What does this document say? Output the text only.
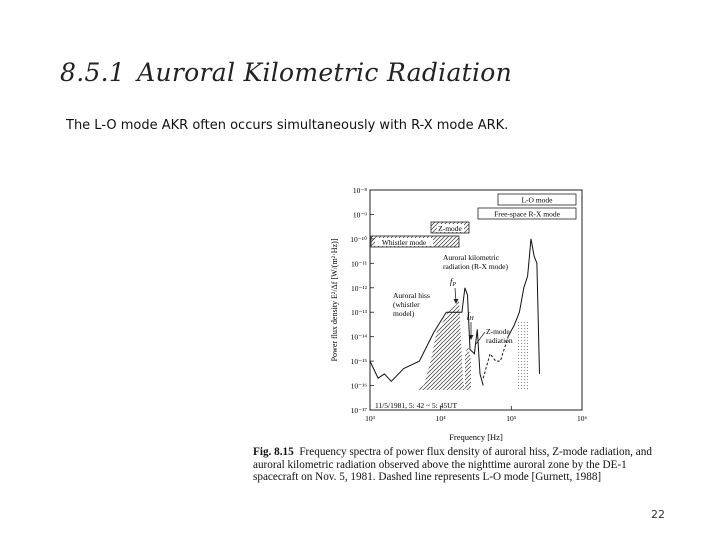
8.5.1 Auroral Kilometric Radiation
The L-O mode AKR often occurs simultaneously with R-X mode ARK.
10⁻⁸
10⁻⁹
10⁻¹⁰
10⁻¹¹
10⁻¹²
10⁻¹³
10⁻¹⁴
10⁻¹⁵
10⁻¹⁶
10⁻¹⁷
10³	10⁴	10⁵	10⁶
Power flux density E²/Δf [W/(m²·Hz)]
Frequency [Hz]
L-O mode
Free-space R-X mode
Z-mode
Whistler mode
Auroral kilometric
radiation (R-X mode)
$f_P$
$f_H$
Auroral hiss
(whistler
model)
Z-mode
radiation
11/5/1981, 5: 42 ~ 5: 45UT
Fig. 8.15 Frequency spectra of power flux density of auroral hiss, Z-mode radiation, and auroral kilometric radiation observed above the nighttime auroral zone by the DE-1 spacecraft on Nov. 5, 1981. Dashed line represents L-O mode [Gurnett, 1988]
22
